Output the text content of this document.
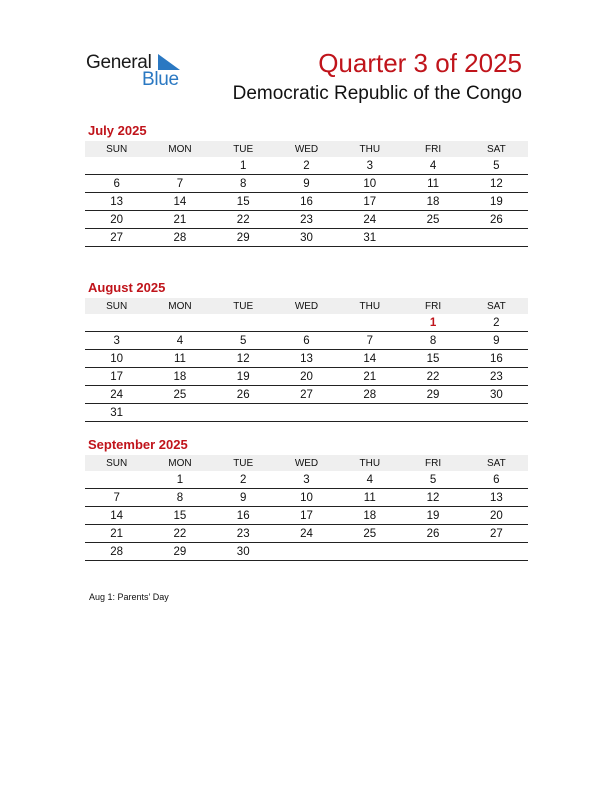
General
Blue
Quarter 3 of 2025
Democratic Republic of the Congo
July 2025
SUN	MON	TUE	WED	THU	FRI	SAT
		1	2	3	4	5
6	7	8	9	10	11	12
13	14	15	16	17	18	19
20	21	22	23	24	25	26
27	28	29	30	31		
August 2025
SUN	MON	TUE	WED	THU	FRI	SAT
					1	2
3	4	5	6	7	8	9
10	11	12	13	14	15	16
17	18	19	20	21	22	23
24	25	26	27	28	29	30
31						
September 2025
SUN	MON	TUE	WED	THU	FRI	SAT
	1	2	3	4	5	6
7	8	9	10	11	12	13
14	15	16	17	18	19	20
21	22	23	24	25	26	27
28	29	30				
Aug 1: Parents’ Day
